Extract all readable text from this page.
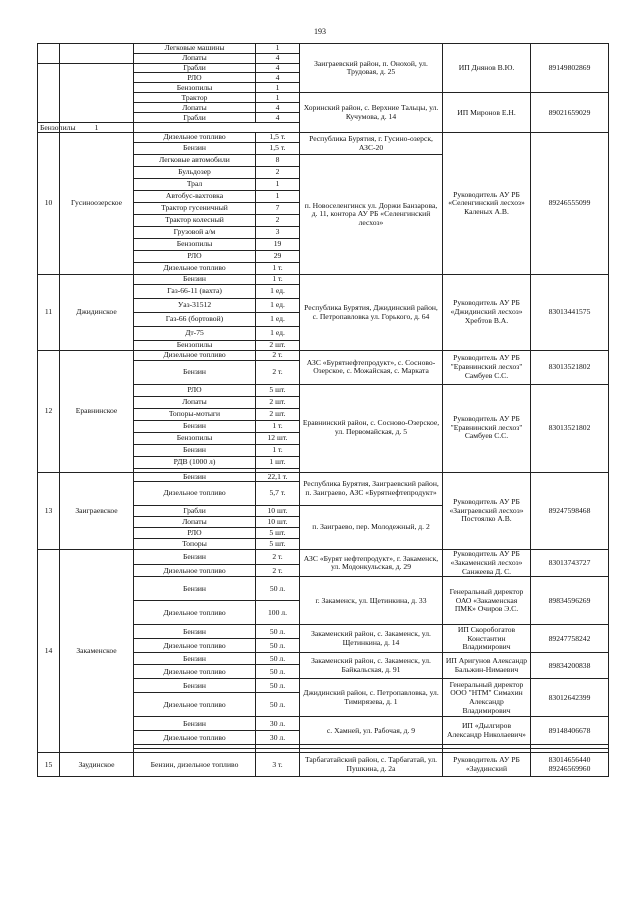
193
		Легковые машины	1	Заиграевский район, п. Онохой, ул. Трудовая, д. 25	ИП Днянов В.Ю.	89149802869
		Лопаты	4			
		Грабли	4			
		РЛО	4			
		Бензопилы	1			
		Трактор	1	Хоринский район, с. Верхние Тальцы, ул. Кучумова, д. 14	ИП Миронов Е.Н.	89021659029
		Лопаты	4			
		Грабли	4			
Бензопилы	1					
10	Гусиноозерское	Дизельное топливо	1,5 т.	Республика Бурятия, г. Гусино-озерск, АЗС-20	Руководитель АУ РБ «Селенгинский лесхоз» Каленых А.В.	89246555099
		Бензин	1,5 т.			
		Легковые автомобили	8	п. Новоселенгинск ул. Доржи Банзарова, д. 11, контора АУ РБ «Селенгинский лесхоз»		
		Бульдозер	2			
		Трал	1			
		Автобус-вахтовка	1			
		Трактор гусеничный	7			
		Трактор колесный	2			
		Грузовой а/м	3			
		Бензопилы	19			
		РЛО	29			
		Дизельное топливо	1 т.			
11	Джидинское	Бензин	1 т.	Республика Бурятия, Джидинский район, с. Петропавловка ул. Горького, д. 64	Руководитель АУ РБ «Джидинский лесхоз» Хребтов В.А.	83013441575
		Газ-66-11 (вахта)	1 ед.			
		Уаз-31512	1 ед.			
		Газ-66 (бортовой)	1 ед.			
		Дт-75	1 ед.			
		Бензопилы	2 шт.			
12	Еравнинское	Дизельное топливо	2 т.	АЗС «Бурятнефтепродукт», с. Сосново-Озерское, с. Можайская, с. Марката	Руководитель АУ РБ "Еравнинский лесхоз" Самбуев С.С.	83013521802
		Бензин	2 т.			
		РЛО	5 шт.	Еравнинский район, с. Сосново-Озерское, ул. Первомайская, д. 5	Руководитель АУ РБ "Еравнинский лесхоз" Самбуев С.С.	83013521802
		Лопаты	2 шт.			
		Топоры-мотыги	2 шт.			
		Бензин	1 т.			
		Бензопилы	12 шт.			
		Бензин	1 т.			
		РДВ (1000 л)	1 шт.			

13	Заиграевское	Бензин	22,1 т.	Республика Бурятия, Заиграевский район, п. Заиграево, АЗС «Бурятнефтепродукт»	Руководитель АУ РБ «Заиграевский лесхоз» Постоялко А.В.	89247598468
		Дизельное топливо	5,7 т.			
		Грабли	10 шт.	п. Заиграево, пер. Молодежный, д. 2		
		Лопаты	10 шт.			
		РЛО	5 шт.			
		Топоры	5 шт.			
14	Закаменское	Бензин	2 т.	АЗС «Бурят нефтепродукт», г. Закаменск, ул. Модонкульская, д. 29	Руководитель АУ РБ «Закаменский лесхоз» Санжеева Д. С.	83013743727
		Дизельное топливо	2 т.			
		Бензин	50 л.	г. Закаменск, ул. Щетинкина, д. 33	Генеральный директор ОАО «Закаменская ПМК» Очиров Э.С.	89834596269
		Дизельное топливо	100 л.			
		Бензин	50 л.	Закаменский район, с. Закаменск, ул. Щетинкина, д. 14	ИП Скоробогатов Константин Владимирович	89247758242
		Дизельное топливо	50 л.			
		Бензин	50 л.	Закаменский район, с. Закаменск, ул. Байкальская, д. 91	ИП Аригунов Александр Бальжин-Нимаевич	89834200838
		Дизельное топливо	50 л.			
		Бензин	50 л.	Джидинский район, с. Петропавловка, ул. Тимирязева, д. 1	Генеральный директор ООО "НТМ" Симахин Александр Владимирович	83012642399
		Дизельное топливо	50 л.			
		Бензин	30 л.	с. Хамней, ул. Рабочая, д. 9	ИП «Дылгиров Александр Николаевич»	89148406678
		Дизельное топливо	30 л.			

15	Заудинское	Бензин, дизельное топливо	3 т.	Тарбагатайский район, с. Тарбагатай, ул. Пушкина, д. 2а	Руководитель АУ РБ «Заудинский	83014656440 89246569960
